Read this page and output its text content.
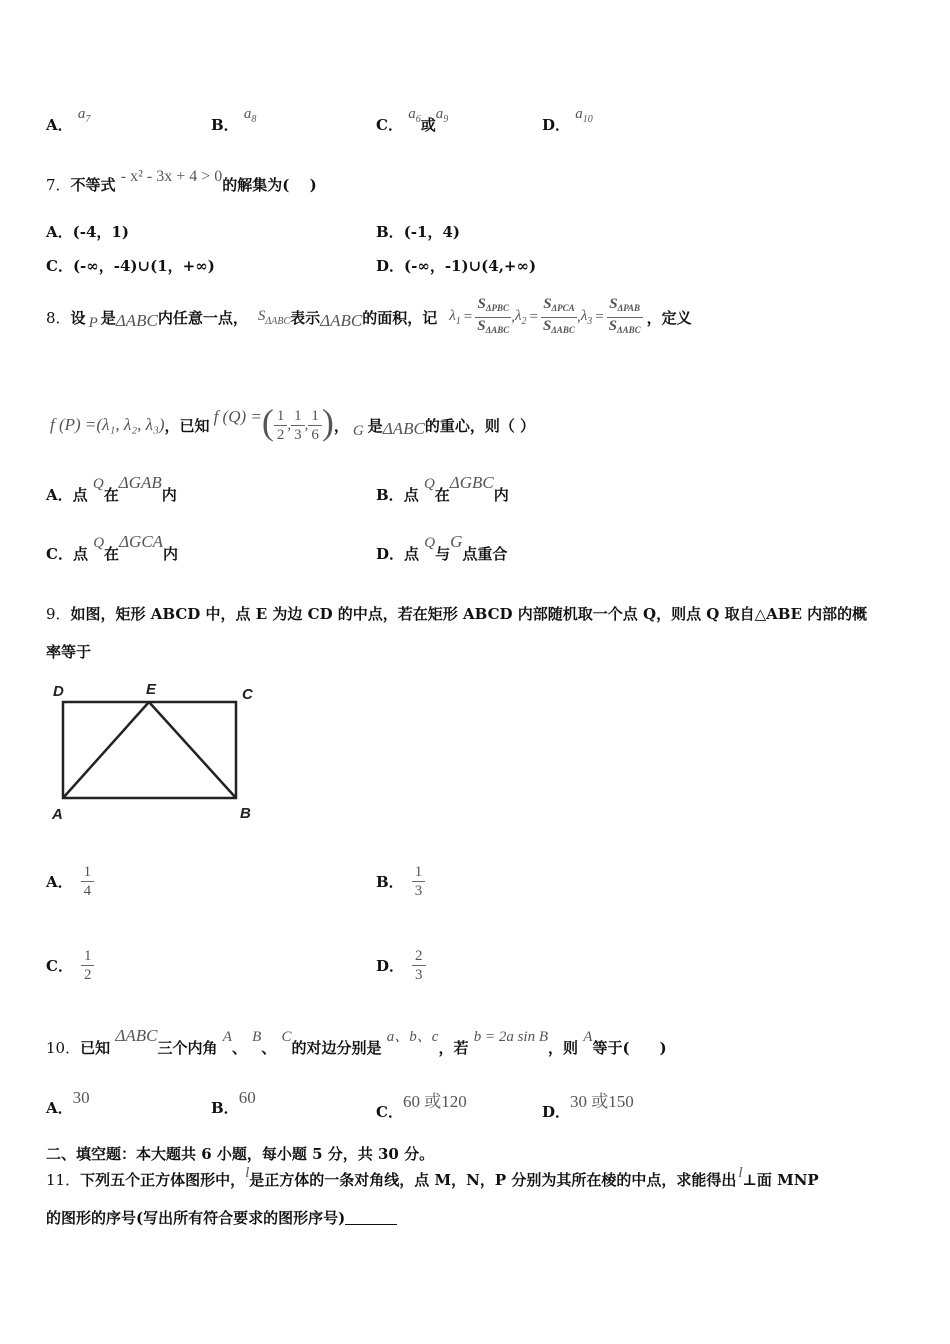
A． $a_7$	B． $a_8$	C． $a_6$或$a_9$	D． $a_{10}$
7．不等式 - x² - 3x + 4 > 0的解集为(　 )
A．(-4，1)	B．(-1，4)
C．(-∞，-4)∪(1，+∞)	D．(-∞，-1)∪(4,+∞)
8． 设 P 是 ΔABC 内任意一点， $S_{\Delta ABC}$ 表示 ΔABC 的面积，记 $\lambda_1$ =
$S_{\Delta PBC}$
$S_{\Delta ABC}$
, $\lambda_2$ =
$S_{\Delta PCA}$
$S_{\Delta ABC}$
, $\lambda_3$ =
$S_{\Delta PAB}$
$S_{\Delta ABC}$
，定义
f (P) =(λ₁, λ₂, λ₃) ，已知 f (Q) = ( $\frac{1}{2}$ , $\frac{1}{3}$ , $\frac{1}{6}$ ) ， G 是 ΔABC 的重心，则（ ）
A．点 Q在ΔGAB内	B．点 Q在ΔGBC内
C．点 Q在ΔGCA内	D．点 Q与G点重合
9．如图，矩形 ABCD 中，点 E 为边 CD 的中点，若在矩形 ABCD 内部随机取一个点 Q，则点 Q 取自△ABE 内部的概
率等于
D	E	C
A	B
A． $\frac{1}{4}$	B． $\frac{1}{3}$
C． $\frac{1}{2}$	D． $\frac{2}{3}$
10．已知 ΔABC三个内角 A、 B、 C的对边分别是 a、b、c，若 b = 2a sin B，则 A等于(　　)
A．30
B．60
C．60 或120
D．30 或150
二、填空题：本大题共 6 小题，每小题 5 分，共 30 分。
11．下列五个正方体图形中，l是正方体的一条对角线，点 M，N，P 分别为其所在棱的中点，求能得出 l⊥面 MNP
的图形的序号(写出所有符合要求的图形序号)
